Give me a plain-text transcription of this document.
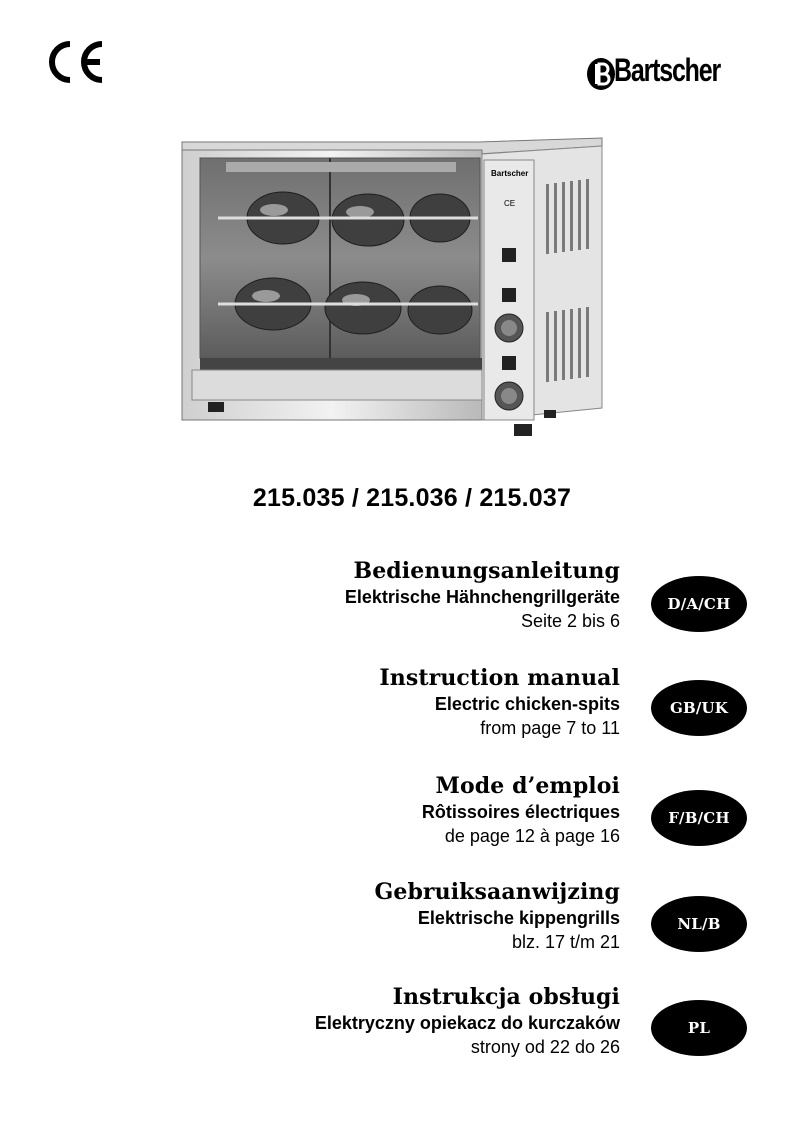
Bartscher
Bartscher
CE
215.035 / 215.036 / 215.037
Bedienungsanleitung
Elektrische Hähnchengrillgeräte
Seite 2 bis 6
D/A/CH
Instruction manual
Electric chicken-spits
from page 7 to 11
GB/UK
Mode d’emploi
Rôtissoires électriques
de page 12 à page 16
F/B/CH
Gebruiksaanwijzing
Elektrische kippengrills
blz. 17 t/m 21
NL/B
Instrukcja obsługi
Elektryczny opiekacz do kurczaków
strony od 22 do 26
PL
